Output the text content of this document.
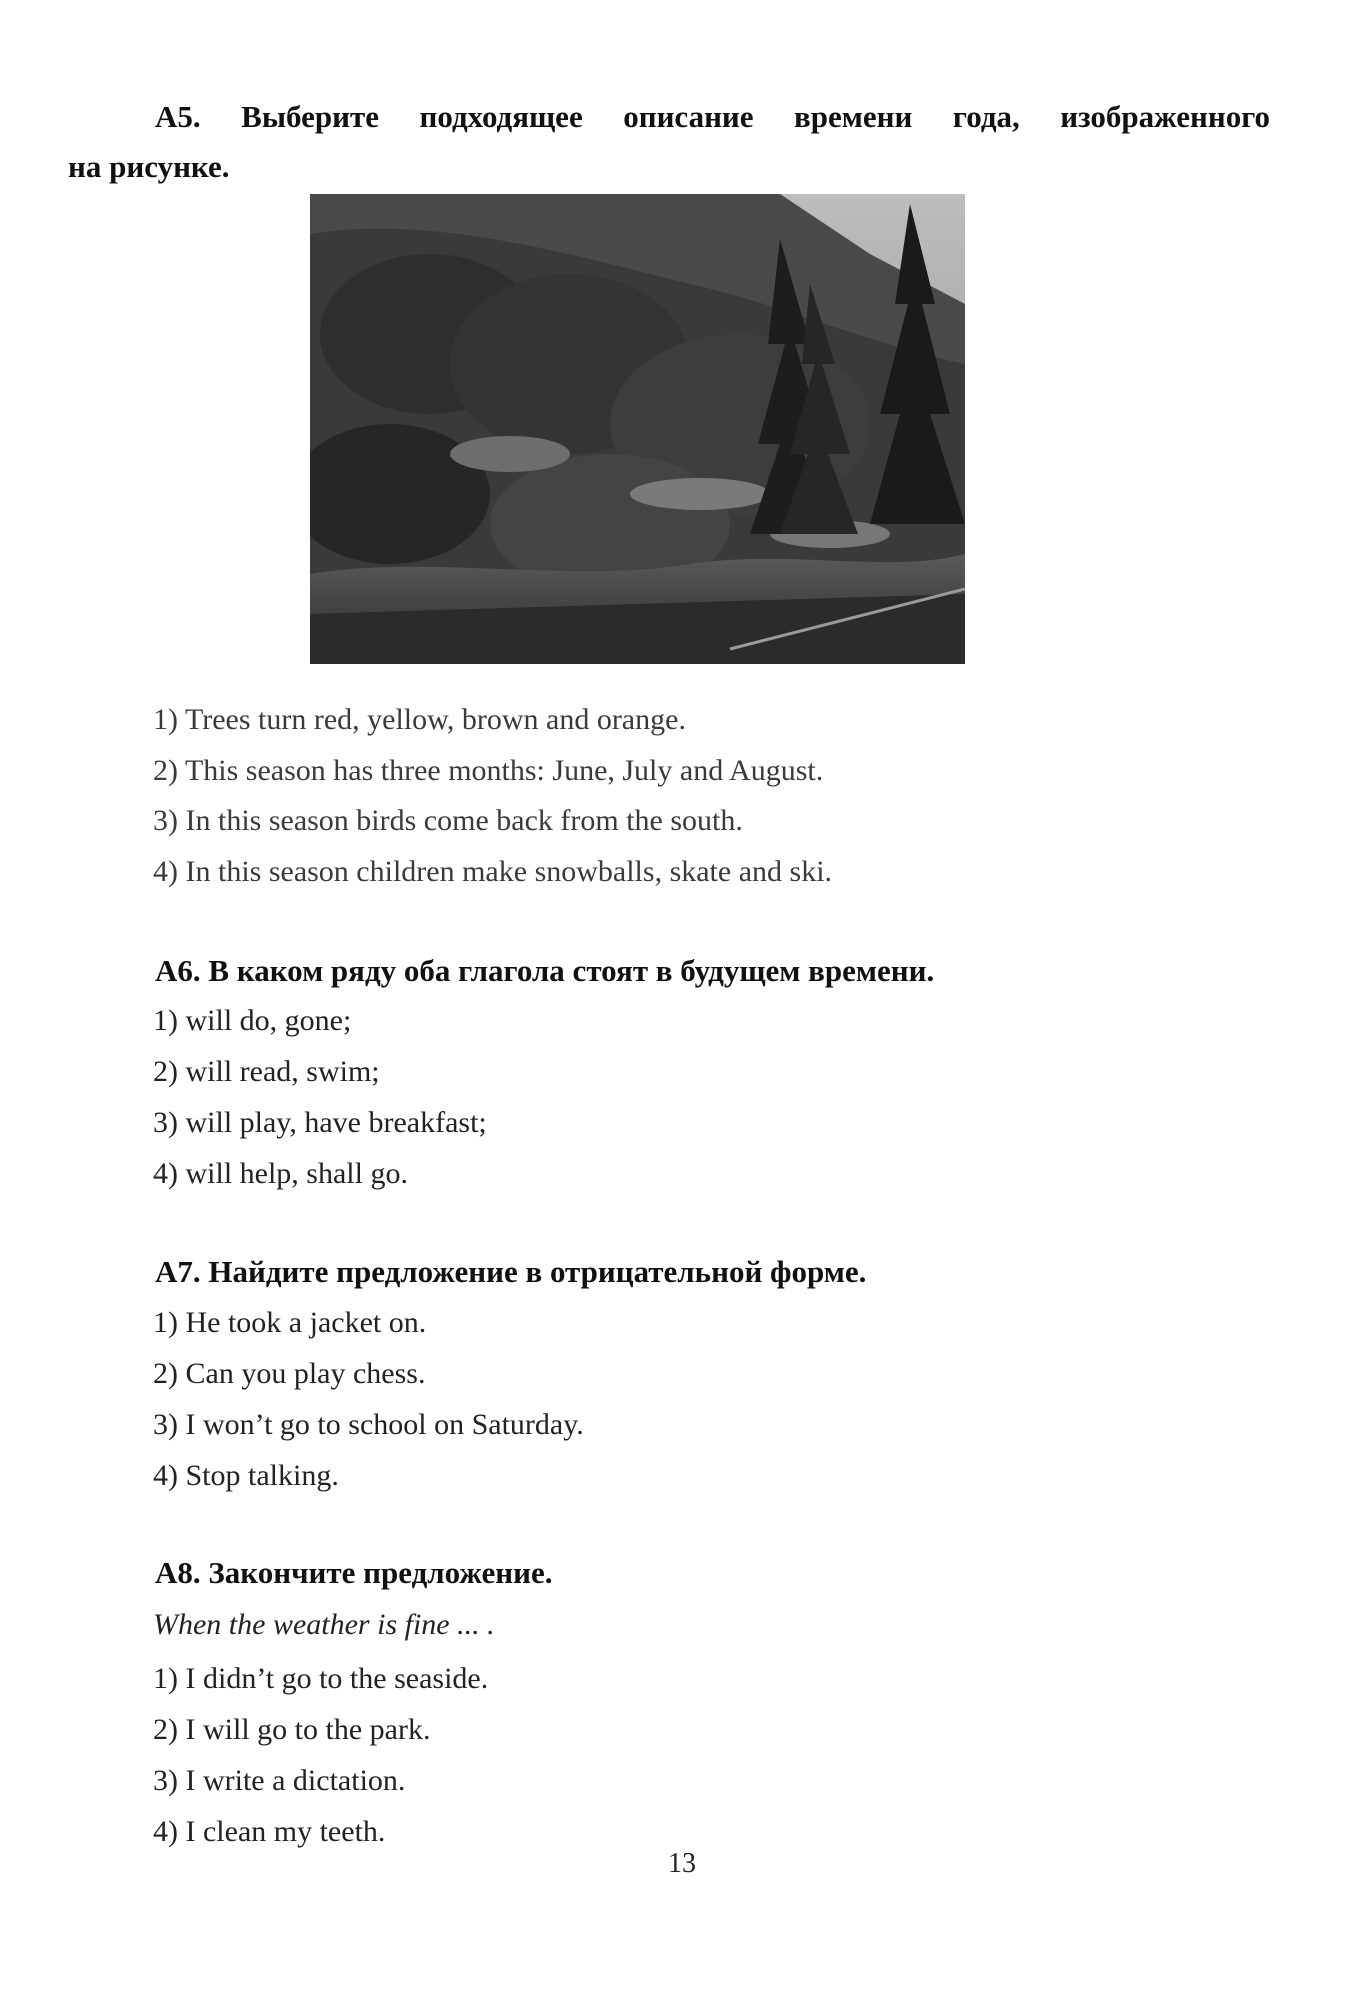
А5. Выберите подходящее описание времени года, изображенного
на рисунке.
1) Trees turn red, yellow, brown and orange.
2) This season has three months: June, July and August.
3) In this season birds come back from the south.
4) In this season children make snowballs, skate and ski.
А6. В каком ряду оба глагола стоят в будущем времени.
1) will do, gone;
2) will read, swim;
3) will play, have breakfast;
4) will help, shall go.
А7. Найдите предложение в отрицательной форме.
1) He took a jacket on.
2) Can you play chess.
3) I won’t go to school on Saturday.
4) Stop talking.
А8. Закончите предложение.
When the weather is fine ... .
1) I didn’t go to the seaside.
2) I will go to the park.
3) I write a dictation.
4) I clean my teeth.
13
